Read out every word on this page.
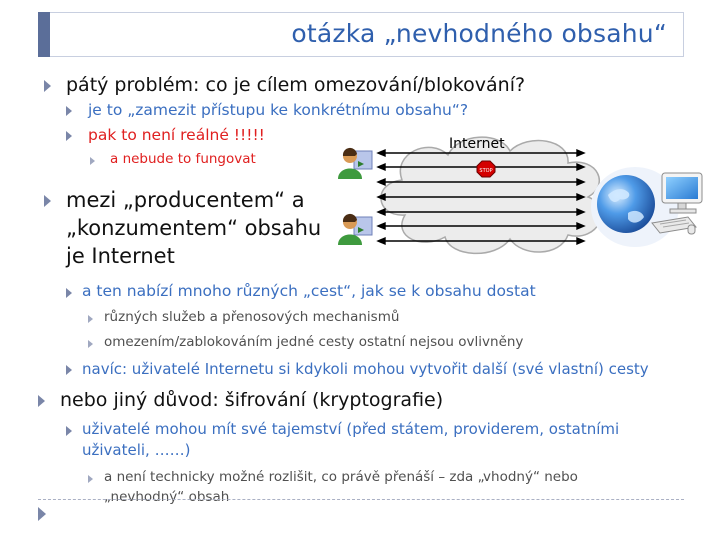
otázka „nevhodného obsahu“
pátý problém: co je cílem omezování/blokování?
je to „zamezit přístupu ke konkrétnímu obsahu“?
pak to není reálné !!!!!
a nebude to fungovat
mezi „producentem“ a
„konzumentem“ obsahu
je Internet
a ten nabízí mnoho různých „cest“, jak se k obsahu dostat
různých služeb a přenosových mechanismů
omezením/zablokováním jedné cesty ostatní nejsou ovlivněny
navíc: uživatelé Internetu si kdykoli mohou vytvořit další (své vlastní) cesty
nebo jiný důvod: šifrování (kryptografie)
uživatelé mohou mít své tajemství (před státem, providerem, ostatními
uživateli, ……)
a není technicky možné rozlišit, co právě přenáší – zda „vhodný“ nebo
„nevhodný“ obsah
Internet
STOP
